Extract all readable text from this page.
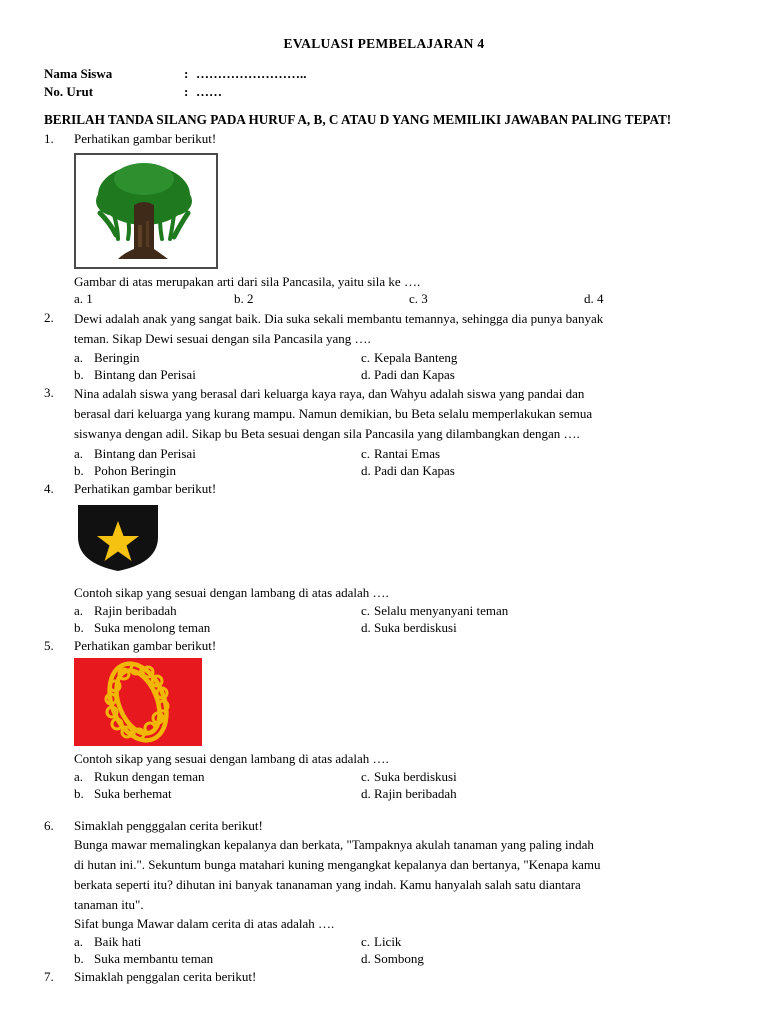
EVALUASI PEMBELAJARAN 4
Nama Siswa	:	……………………..
No. Urut	:	……
BERILAH TANDA SILANG PADA HURUF A, B, C ATAU D YANG MEMILIKI JAWABAN PALING TEPAT!
1.	Perhatikan gambar berikut!
Gambar di atas merupakan arti dari sila Pancasila, yaitu sila ke ….
a. 1	b. 2	c. 3	d. 4
2.	Dewi adalah anak yang sangat baik. Dia suka sekali membantu temannya, sehingga dia punya banyak
teman. Sikap Dewi sesuai dengan sila Pancasila yang ….
a. Beringin	c. Kepala Banteng
b. Bintang dan Perisai	d. Padi dan Kapas
3.	Nina adalah siswa yang berasal dari keluarga kaya raya, dan Wahyu adalah siswa yang pandai dan
berasal dari keluarga yang kurang mampu. Namun demikian, bu Beta selalu memperlakukan semua
siswanya dengan adil. Sikap bu Beta sesuai dengan sila Pancasila yang dilambangkan dengan ….
a. Bintang dan Perisai	c. Rantai Emas
b. Pohon Beringin	d. Padi dan Kapas
4.	Perhatikan gambar berikut!
Contoh sikap yang sesuai dengan lambang di atas adalah ….
a. Rajin beribadah	c. Selalu menyanyani teman
b. Suka menolong teman	d. Suka berdiskusi
5.	Perhatikan gambar berikut!
Contoh sikap yang sesuai dengan lambang di atas adalah ….
a. Rukun dengan teman	c. Suka berdiskusi
b. Suka berhemat	d. Rajin beribadah
6.	Simaklah pengggalan cerita berikut!
Bunga mawar memalingkan kepalanya dan berkata, "Tampaknya akulah tanaman yang paling indah
di hutan ini.". Sekuntum bunga matahari kuning mengangkat kepalanya dan bertanya, "Kenapa kamu
berkata seperti itu? dihutan ini banyak tananaman yang indah. Kamu hanyalah salah satu diantara
tanaman itu".
Sifat bunga Mawar dalam cerita di atas adalah ….
a. Baik hati	c. Licik
b. Suka membantu teman	d. Sombong
7.	Simaklah penggalan cerita berikut!
